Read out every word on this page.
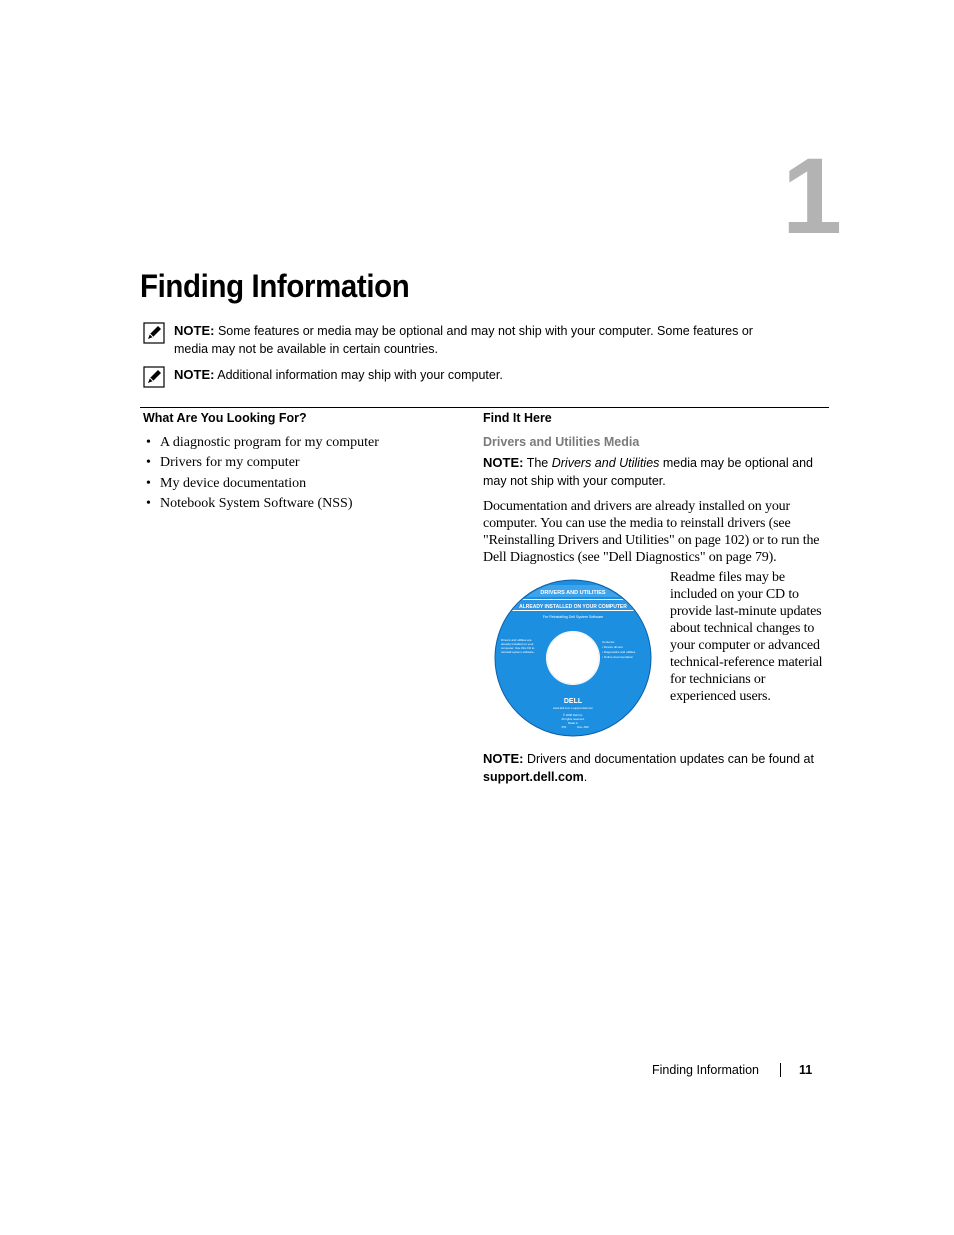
1
Finding Information
NOTE: Some features or media may be optional and may not ship with your computer. Some features or media may not be available in certain countries.
NOTE: Additional information may ship with your computer.
What Are You Looking For?	Find It Here
• A diagnostic program for my computer
• Drivers for my computer
• My device documentation
• Notebook System Software (NSS)

Drivers and Utilities Media

NOTE: The Drivers and Utilities media may be optional and may not ship with your computer.
Documentation and drivers are already installed on your computer. You can use the media to reinstall drivers (see "Reinstalling Drivers and Utilities" on page 102) or to run the Dell Diagnostics (see "Dell Diagnostics" on page 79).
DRIVERS AND UTILITIES
ALREADY INSTALLED ON YOUR COMPUTER
For Reinstalling Dell System Software
Drivers and utilities are
already installed on your
computer. Use this CD to
reinstall system software.
Contents:
• Device drivers
• Diagnostics and utilities
• Online documentation
DELL
www.dell.com | support.dell.com
© 2006 Dell Inc.
All rights reserved.
Made in
P/N	Rev. A00
Readme files may be included on your CD to provide last-minute updates about technical changes to your computer or advanced technical-reference material for technicians or experienced users.
NOTE: Drivers and documentation updates can be found at support.dell.com.
Finding Information	11
